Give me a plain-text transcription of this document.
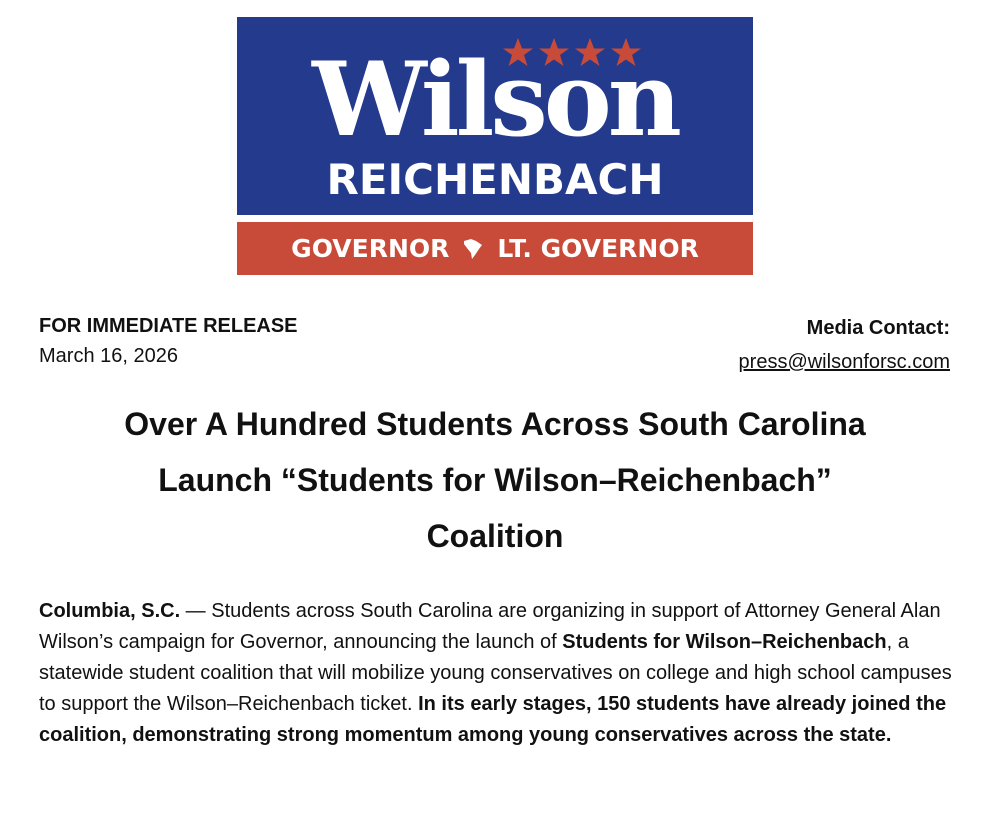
Wilson
REICHENBACH
GOVERNOR LT. GOVERNOR
FOR IMMEDIATE RELEASE
March 16, 2026
Media Contact:
press@wilsonforsc.com
Over A Hundred Students Across South Carolina
Launch “Students for Wilson–Reichenbach”
Coalition
Columbia, S.C. — Students across South Carolina are organizing in support of Attorney General Alan Wilson’s campaign for Governor, announcing the launch of Students for Wilson–Reichenbach, a statewide student coalition that will mobilize young conservatives on college and high school campuses to support the Wilson–Reichenbach ticket. In its early stages, 150 students have already joined the coalition, demonstrating strong momentum among young conservatives across the state.
